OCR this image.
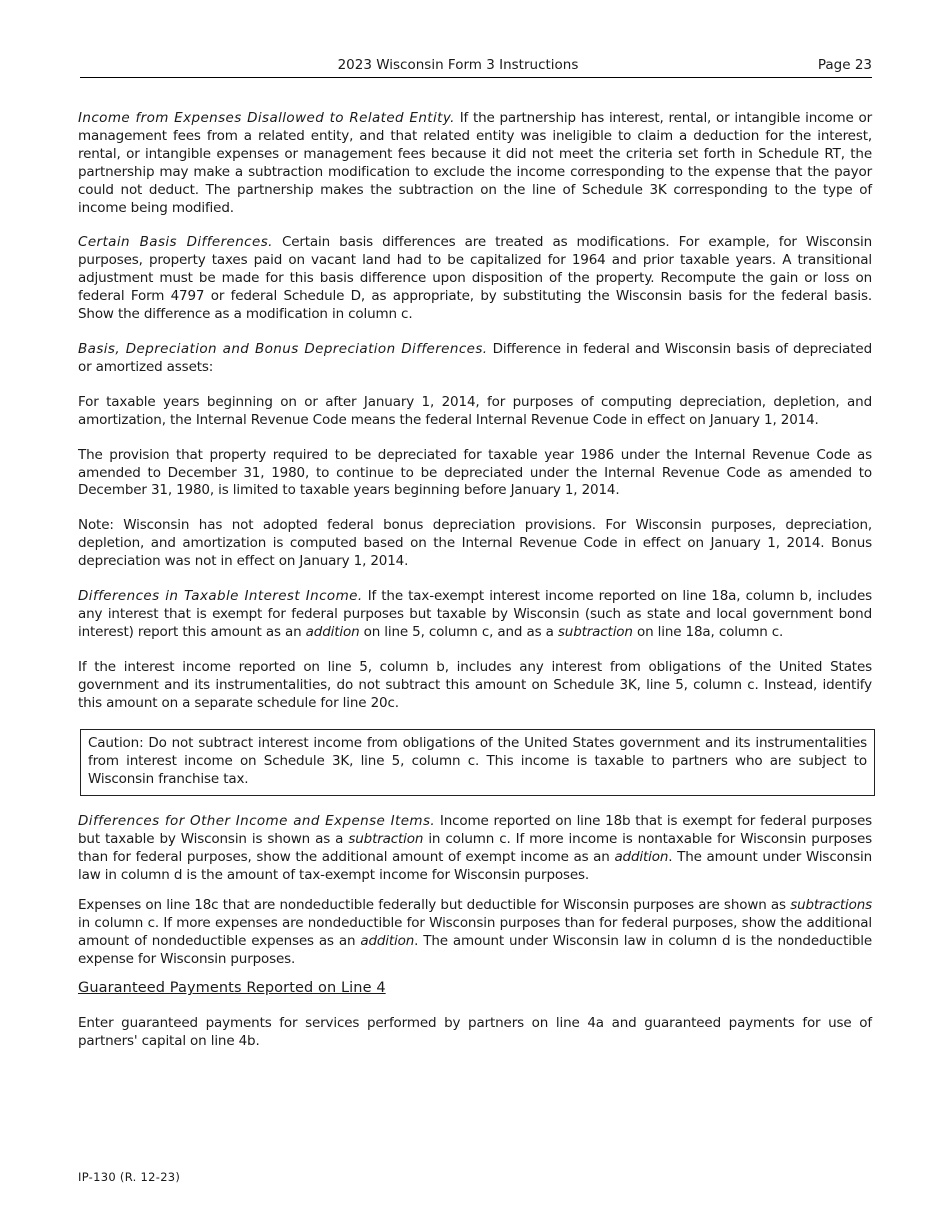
2023 Wisconsin Form 3 Instructions	Page 23

Income from Expenses Disallowed to Related Entity. If the partnership has interest, rental, or intangible income or management fees from a related entity, and that related entity was ineligible to claim a deduction for the interest, rental, or intangible expenses or management fees because it did not meet the criteria set forth in Schedule RT, the partnership may make a subtraction modification to exclude the income corresponding to the expense that the payor could not deduct. The partnership makes the subtraction on the line of Schedule 3K corresponding to the type of income being modified.

Certain Basis Differences. Certain basis differences are treated as modifications. For example, for Wisconsin purposes, property taxes paid on vacant land had to be capitalized for 1964 and prior taxable years. A transitional adjustment must be made for this basis difference upon disposition of the property. Recompute the gain or loss on federal Form 4797 or federal Schedule D, as appropriate, by substituting the Wisconsin basis for the federal basis. Show the difference as a modification in column c.

Basis, Depreciation and Bonus Depreciation Differences. Difference in federal and Wisconsin basis of depreciated or amortized assets:

For taxable years beginning on or after January 1, 2014, for purposes of computing depreciation, depletion, and amortization, the Internal Revenue Code means the federal Internal Revenue Code in effect on January 1, 2014.

The provision that property required to be depreciated for taxable year 1986 under the Internal Revenue Code as amended to December 31, 1980, to continue to be depreciated under the Internal Revenue Code as amended to December 31, 1980, is limited to taxable years beginning before January 1, 2014.

Note: Wisconsin has not adopted federal bonus depreciation provisions. For Wisconsin purposes, depreciation, depletion, and amortization is computed based on the Internal Revenue Code in effect on January 1, 2014. Bonus depreciation was not in effect on January 1, 2014.

Differences in Taxable Interest Income. If the tax-exempt interest income reported on line 18a, column b, includes any interest that is exempt for federal purposes but taxable by Wisconsin (such as state and local government bond interest) report this amount as an addition on line 5, column c, and as a subtraction on line 18a, column c.

If the interest income reported on line 5, column b, includes any interest from obligations of the United States government and its instrumentalities, do not subtract this amount on Schedule 3K, line 5, column c. Instead, identify this amount on a separate schedule for line 20c.

Caution: Do not subtract interest income from obligations of the United States government and its instrumentalities from interest income on Schedule 3K, line 5, column c. This income is taxable to partners who are subject to Wisconsin franchise tax.

Differences for Other Income and Expense Items. Income reported on line 18b that is exempt for federal purposes but taxable by Wisconsin is shown as a subtraction in column c. If more income is nontaxable for Wisconsin purposes than for federal purposes, show the additional amount of exempt income as an addition. The amount under Wisconsin law in column d is the amount of tax-exempt income for Wisconsin purposes.

Expenses on line 18c that are nondeductible federally but deductible for Wisconsin purposes are shown as subtractions in column c. If more expenses are nondeductible for Wisconsin purposes than for federal purposes, show the additional amount of nondeductible expenses as an addition. The amount under Wisconsin law in column d is the nondeductible expense for Wisconsin purposes.

Guaranteed Payments Reported on Line 4

Enter guaranteed payments for services performed by partners on line 4a and guaranteed payments for use of partners' capital on line 4b.

IP-130 (R. 12-23)
